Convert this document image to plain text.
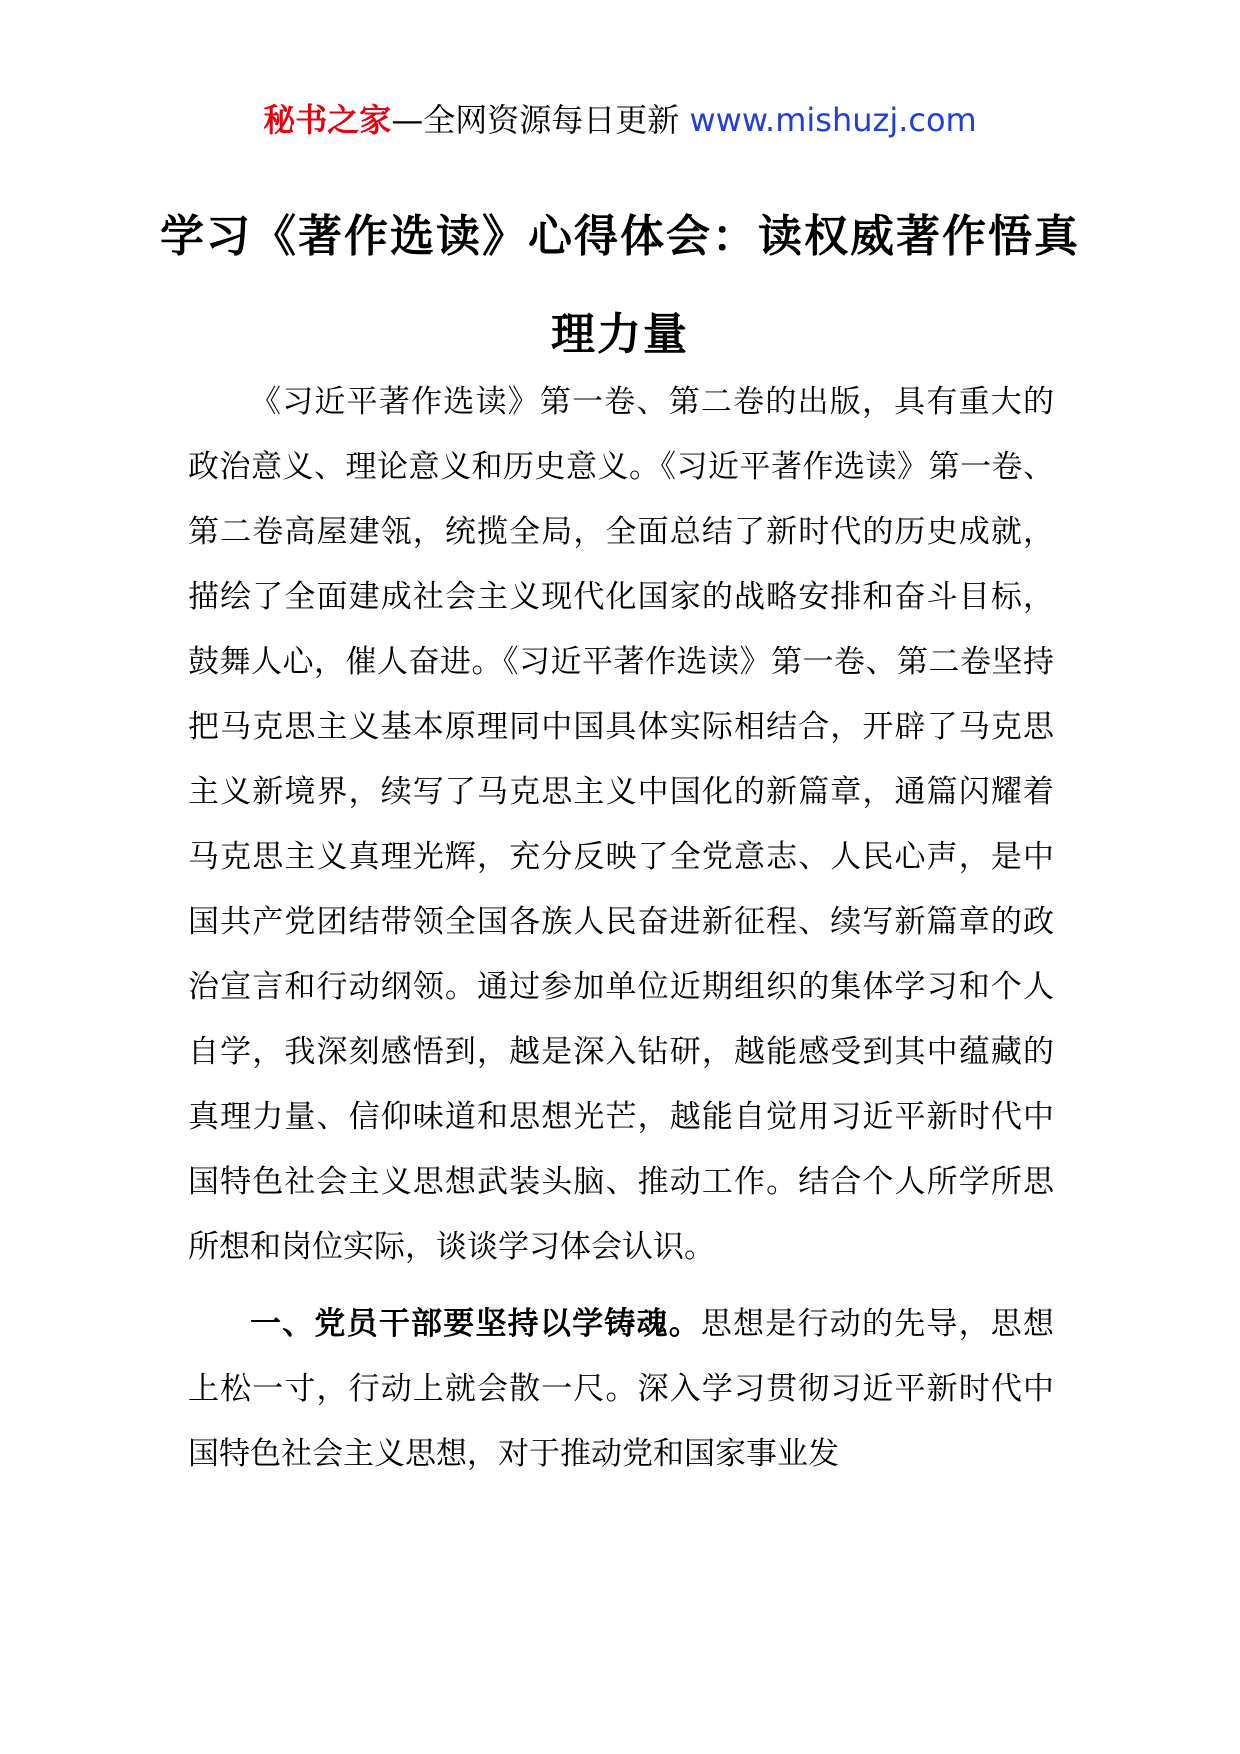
秘书之家—全网资源每日更新 www.mishuzj.com
学习《著作选读》心得体会：读权威著作悟真理力量

《习近平著作选读》第一卷、第二卷的出版，具有重大的政治意义、理论意义和历史意义。《习近平著作选读》第一卷、第二卷高屋建瓴，统揽全局，全面总结了新时代的历史成就，描绘了全面建成社会主义现代化国家的战略安排和奋斗目标，鼓舞人心，催人奋进。《习近平著作选读》第一卷、第二卷坚持把马克思主义基本原理同中国具体实际相结合，开辟了马克思主义新境界，续写了马克思主义中国化的新篇章，通篇闪耀着马克思主义真理光辉，充分反映了全党意志、人民心声，是中国共产党团结带领全国各族人民奋进新征程、续写新篇章的政治宣言和行动纲领。通过参加单位近期组织的集体学习和个人自学，我深刻感悟到，越是深入钻研，越能感受到其中蕴藏的真理力量、信仰味道和思想光芒，越能自觉用习近平新时代中国特色社会主义思想武装头脑、推动工作。结合个人所学所思所想和岗位实际，谈谈学习体会认识。

一、党员干部要坚持以学铸魂。思想是行动的先导，思想上松一寸，行动上就会散一尺。深入学习贯彻习近平新时代中国特色社会主义思想，对于推动党和国家事业发
